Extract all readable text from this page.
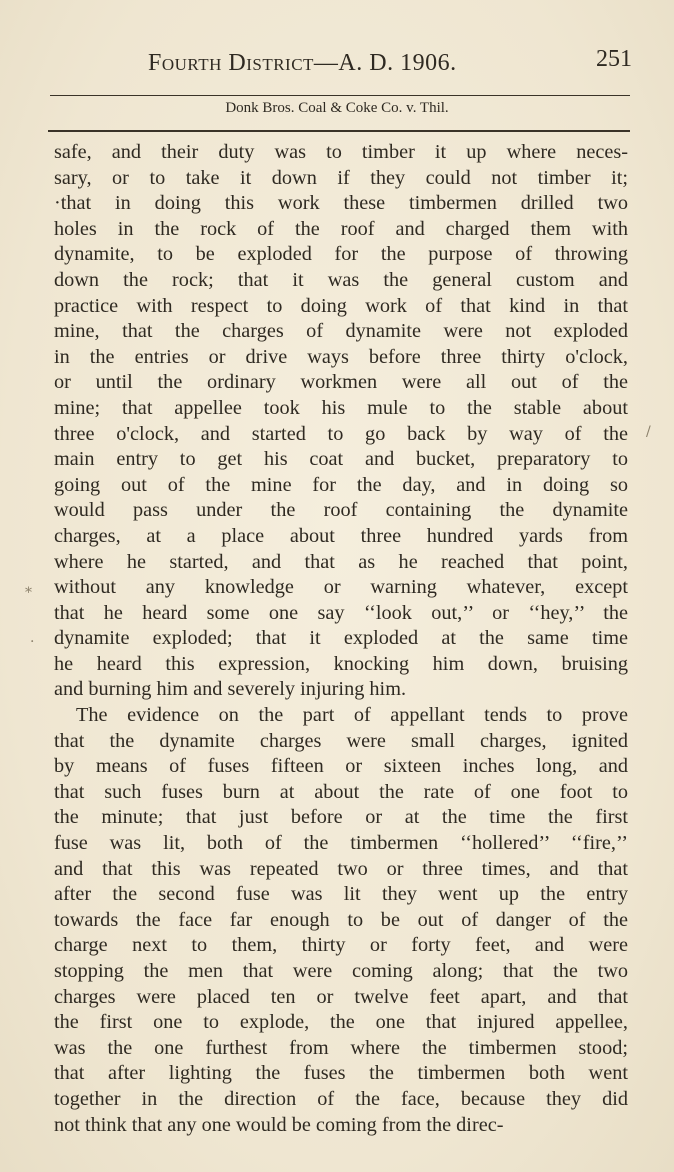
Fourth District—A. D. 1906.	251
Donk Bros. Coal & Coke Co. v. Thil.
safe, and their duty was to timber it up where neces-
sary, or to take it down if they could not timber it;
·that in doing this work these timbermen drilled two
holes in the rock of the roof and charged them with
dynamite, to be exploded for the purpose of throwing
down the rock; that it was the general custom and
practice with respect to doing work of that kind in that
mine, that the charges of dynamite were not exploded
in the entries or drive ways before three thirty o'clock,
or until the ordinary workmen were all out of the
mine; that appellee took his mule to the stable about
three o'clock, and started to go back by way of the
main entry to get his coat and bucket, preparatory to
going out of the mine for the day, and in doing so
would pass under the roof containing the dynamite
charges, at a place about three hundred yards from
where he started, and that as he reached that point,
without any knowledge or warning whatever, except
that he heard some one say ‘‘look out,’’ or ‘‘hey,’’ the
dynamite exploded; that it exploded at the same time
he heard this expression, knocking him down, bruising
and burning him and severely injuring him.
The evidence on the part of appellant tends to prove
that the dynamite charges were small charges, ignited
by means of fuses fifteen or sixteen inches long, and
that such fuses burn at about the rate of one foot to
the minute; that just before or at the time the first
fuse was lit, both of the timbermen ‘‘hollered’’ ‘‘fire,’’
and that this was repeated two or three times, and that
after the second fuse was lit they went up the entry
towards the face far enough to be out of danger of the
charge next to them, thirty or forty feet, and were
stopping the men that were coming along; that the two
charges were placed ten or twelve feet apart, and that
the first one to explode, the one that injured appellee,
was the one furthest from where the timbermen stood;
that after lighting the fuses the timbermen both went
together in the direction of the face, because they did
not think that any one would be coming from the direc-
/
*
·
